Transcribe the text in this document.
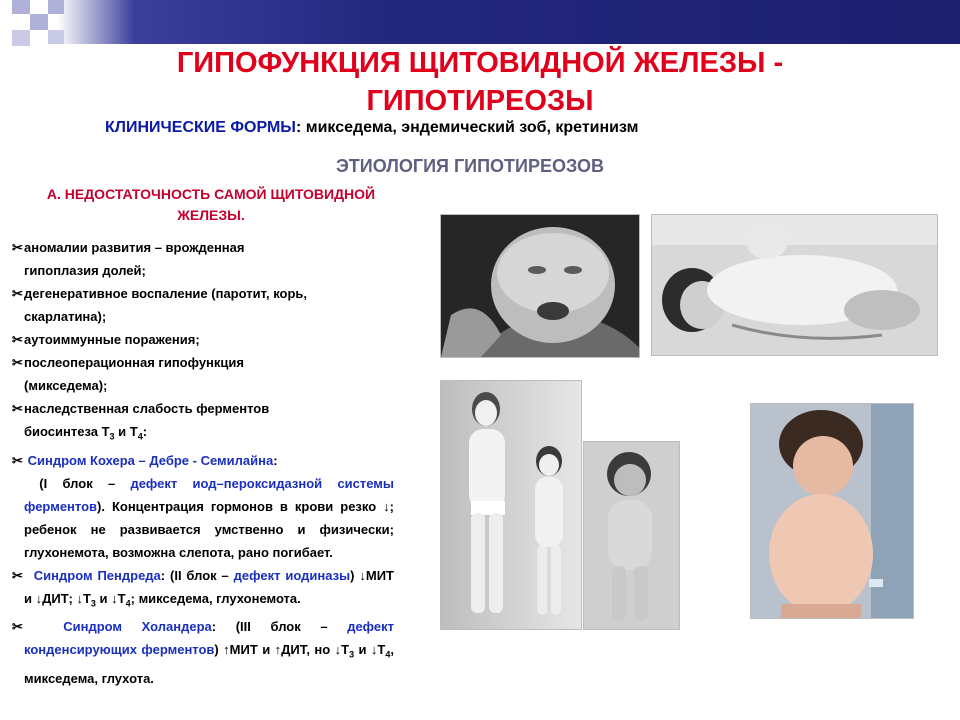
ГИПОФУНКЦИЯ ЩИТОВИДНОЙ ЖЕЛЕЗЫ -
ГИПОТИРЕОЗЫ

КЛИНИЧЕСКИЕ ФОРМЫ: микседема, эндемический зоб, кретинизм

ЭТИОЛОГИЯ ГИПОТИРЕОЗОВ

А. НЕДОСТАТОЧНОСТЬ САМОЙ ЩИТОВИДНОЙ
ЖЕЛЕЗЫ.

✂ аномалии развития – врожденная
гипоплазия долей;
✂ дегенеративное воспаление (паротит, корь,
скарлатина);
✂ аутоиммунные поражения;
✂ послеоперационная гипофункция
(микседема);
✂ наследственная слабость ферментов
биосинтеза $Т_3$ и $Т_4$:
✂ Синдром Кохера – Дебре - Семилайна:
(I блок – дефект иод–пероксидазной системы ферментов). Концентрация гормонов в крови резко ↓; ребенок не развивается умственно и физически; глухонемота, возможна слепота, рано погибает.
✂ Синдром Пендреда: (II блок – дефект иодиназы) ↓МИТ и ↓ДИТ; $↓Т_3$ и $↓Т_4$; микседема, глухонемота.
✂	Синдром Холандера: (III блок – дефект конденсирующих ферментов) ↑МИТ и ↑ДИТ, но $↓Т_3$ и $↓Т_4$, микседема, глухота.
